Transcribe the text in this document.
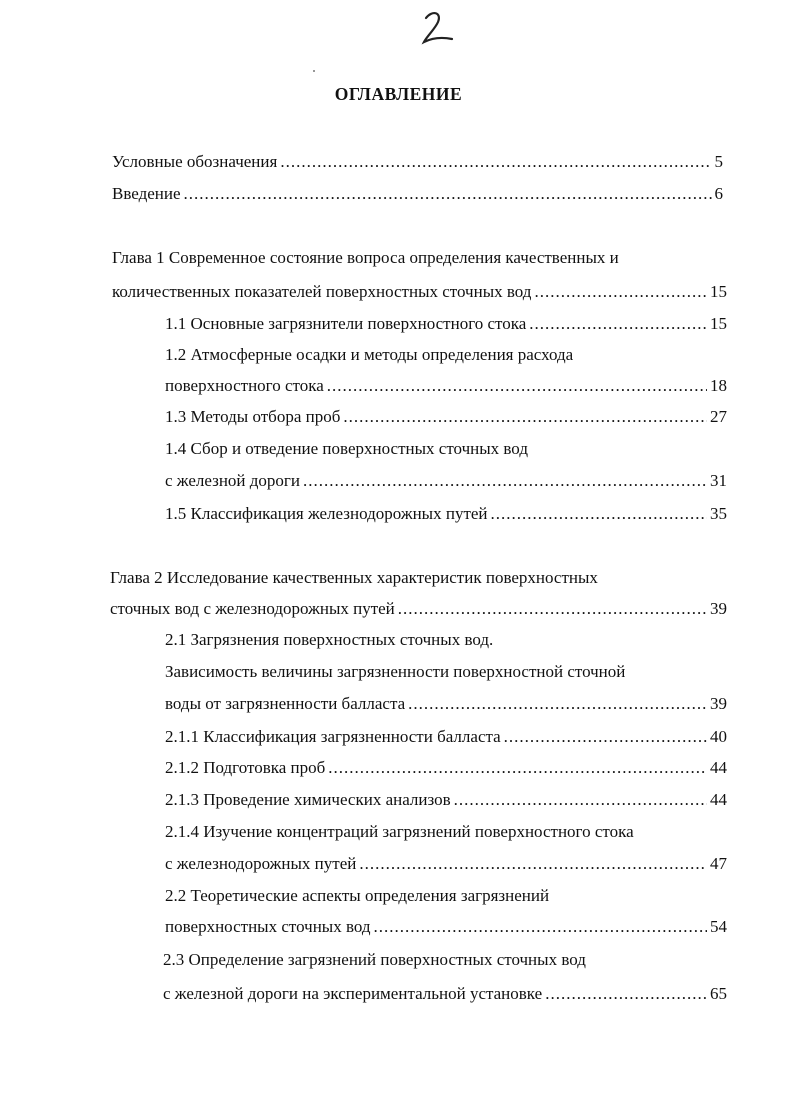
ОГЛАВЛЕНИЕ
Условные обозначения .....	5
Введение .....	6
Глава 1 Современное состояние вопроса определения качественных и
количественных показателей поверхностных сточных вод .....	15
1.1 Основные загрязнители поверхностного стока .....	15
1.2 Атмосферные осадки и методы определения расхода
поверхностного стока .....	18
1.3 Методы отбора проб .....	27
1.4 Сбор и отведение поверхностных сточных вод
с железной дороги .....	31
1.5 Классификация железнодорожных путей .....	35
Глава 2 Исследование качественных характеристик поверхностных
сточных вод с железнодорожных путей .....	39
2.1 Загрязнения поверхностных сточных вод.
Зависимость величины загрязненности поверхностной сточной
воды от загрязненности балласта .....	39
2.1.1 Классификация загрязненности балласта .....	40
2.1.2 Подготовка проб .....	44
2.1.3 Проведение химических анализов .....	44
2.1.4 Изучение концентраций загрязнений поверхностного стока
с железнодорожных путей .....	47
2.2 Теоретические аспекты определения загрязнений
поверхностных сточных вод .....	54
2.3 Определение загрязнений поверхностных сточных вод
с железной дороги на экспериментальной установке .....	65
